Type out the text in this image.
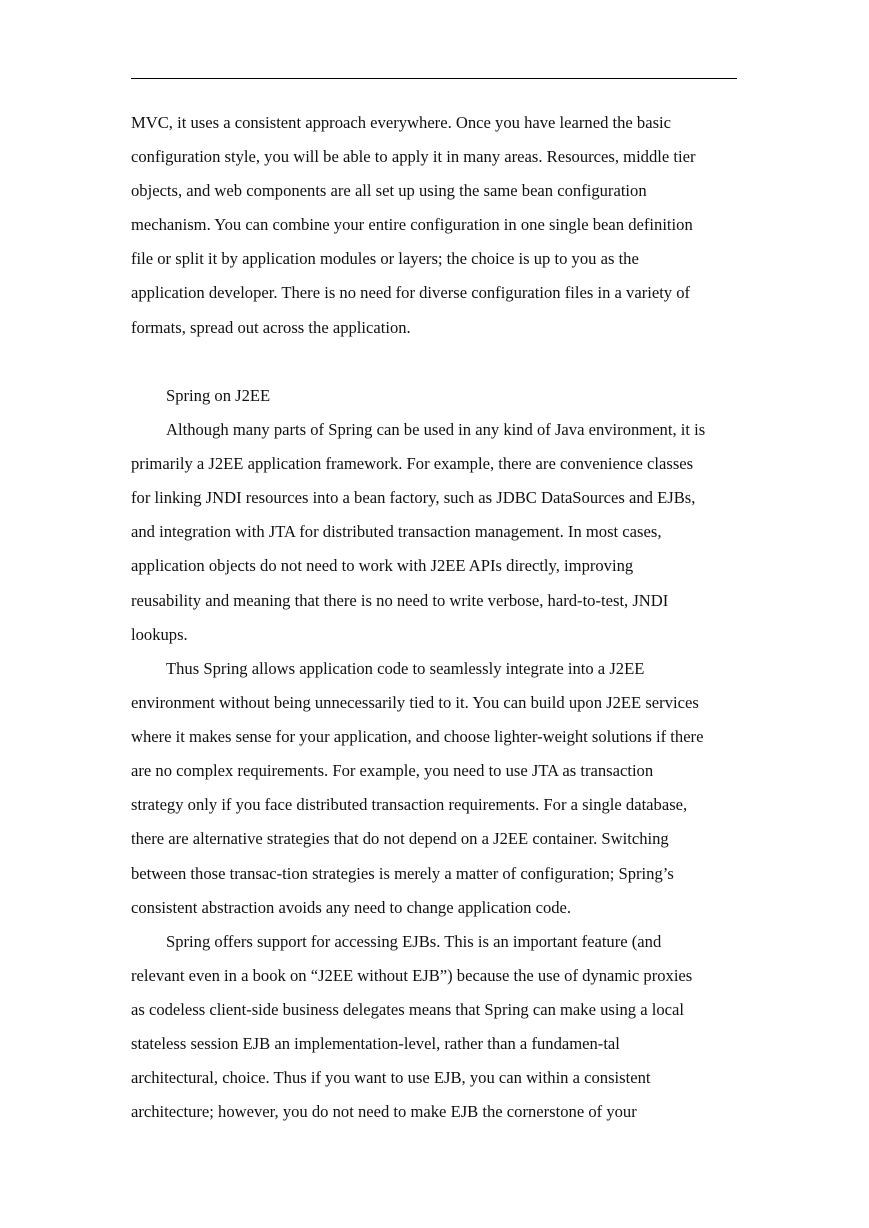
MVC, it uses a consistent approach everywhere. Once you have learned the basic
configuration style, you will be able to apply it in many areas. Resources, middle tier
objects, and web components are all set up using the same bean configuration
mechanism. You can combine your entire configuration in one single bean definition
file or split it by application modules or layers; the choice is up to you as the
application developer. There is no need for diverse configuration files in a variety of
formats, spread out across the application.
Spring on J2EE
Although many parts of Spring can be used in any kind of Java environment, it is
primarily a J2EE application framework. For example, there are convenience classes
for linking JNDI resources into a bean factory, such as JDBC DataSources and EJBs,
and integration with JTA for distributed transaction management. In most cases,
application objects do not need to work with J2EE APIs directly, improving
reusability and meaning that there is no need to write verbose, hard-to-test, JNDI
lookups.
Thus Spring allows application code to seamlessly integrate into a J2EE
environment without being unnecessarily tied to it. You can build upon J2EE services
where it makes sense for your application, and choose lighter-weight solutions if there
are no complex requirements. For example, you need to use JTA as transaction
strategy only if you face distributed transaction requirements. For a single database,
there are alternative strategies that do not depend on a J2EE container. Switching
between those transac-tion strategies is merely a matter of configuration; Spring’s
consistent abstraction avoids any need to change application code.
Spring offers support for accessing EJBs. This is an important feature (and
relevant even in a book on “J2EE without EJB”) because the use of dynamic proxies
as codeless client-side business delegates means that Spring can make using a local
stateless session EJB an implementation-level, rather than a fundamen-tal
architectural, choice. Thus if you want to use EJB, you can within a consistent
architecture; however, you do not need to make EJB the cornerstone of your
